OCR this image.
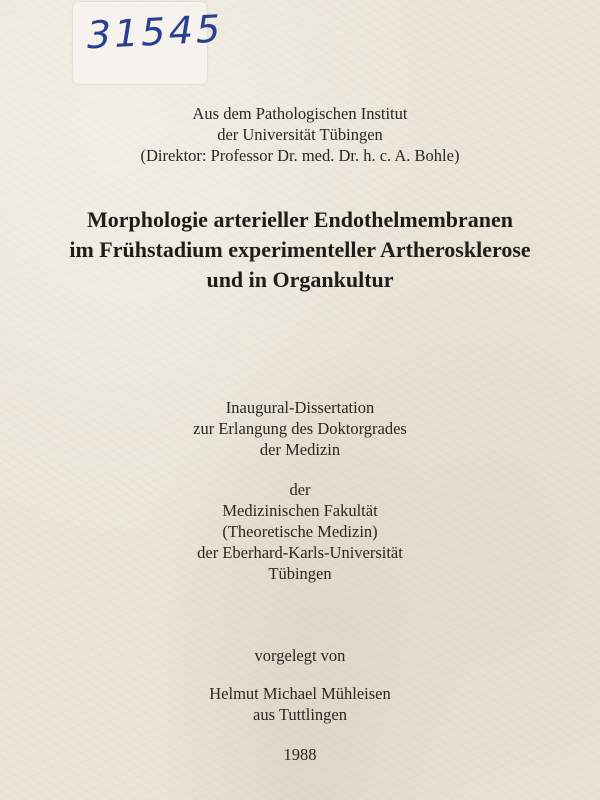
31545
Aus dem Pathologischen Institut
der Universität Tübingen
(Direktor: Professor Dr. med. Dr. h. c. A. Bohle)
Morphologie arterieller Endothelmembranen
im Frühstadium experimenteller Artherosklerose
und in Organkultur
Inaugural-Dissertation
zur Erlangung des Doktorgrades
der Medizin
der
Medizinischen Fakultät
(Theoretische Medizin)
der Eberhard-Karls-Universität
Tübingen
vorgelegt von
Helmut Michael Mühleisen
aus Tuttlingen
1988
